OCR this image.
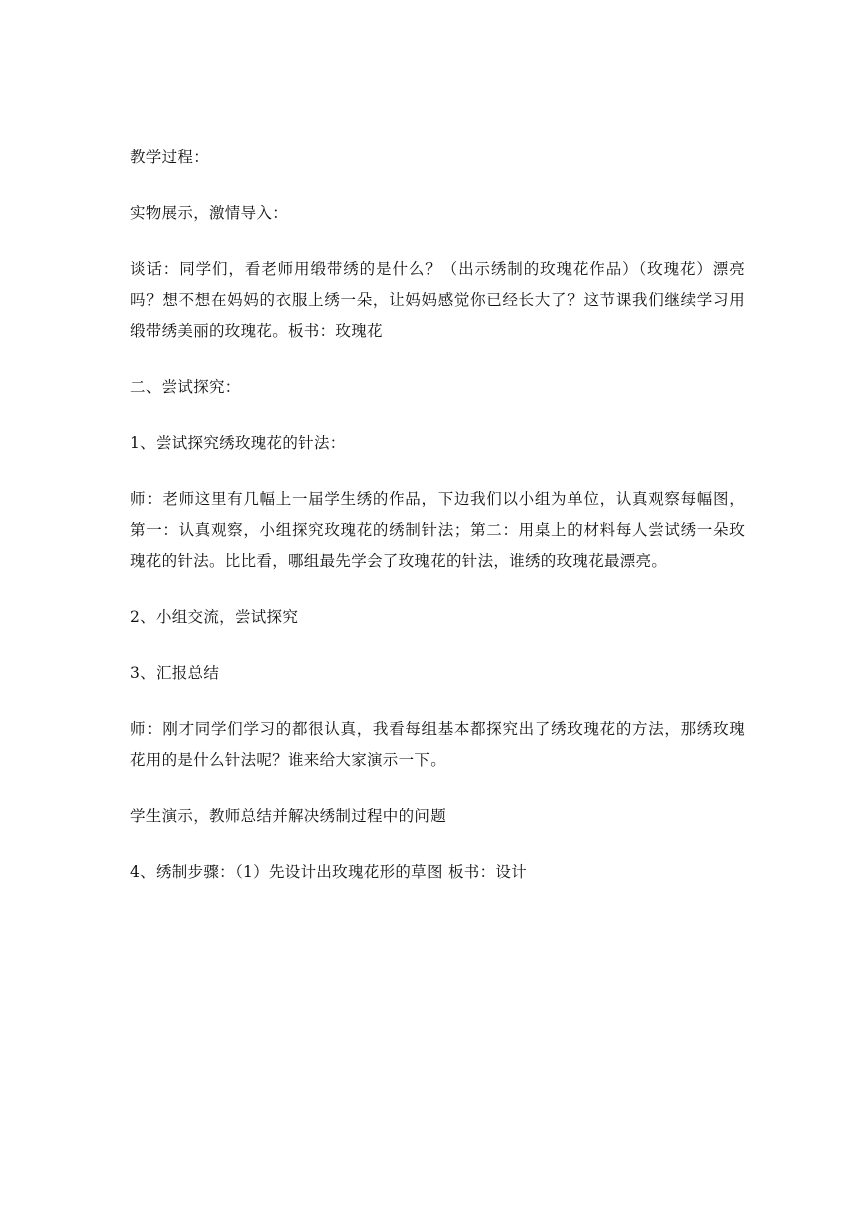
教学过程：

实物展示，激情导入：

谈话：同学们，看老师用缎带绣的是什么？（出示绣制的玫瑰花作品）（玫瑰花）漂亮吗？想不想在妈妈的衣服上绣一朵，让妈妈感觉你已经长大了？这节课我们继续学习用缎带绣美丽的玫瑰花。板书：玫瑰花

二、尝试探究：

1、尝试探究绣玫瑰花的针法：

师：老师这里有几幅上一届学生绣的作品，下边我们以小组为单位，认真观察每幅图，第一：认真观察，小组探究玫瑰花的绣制针法；第二：用桌上的材料每人尝试绣一朵玫瑰花的针法。比比看，哪组最先学会了玫瑰花的针法，谁绣的玫瑰花最漂亮。

2、小组交流，尝试探究

3、汇报总结

师：刚才同学们学习的都很认真，我看每组基本都探究出了绣玫瑰花的方法，那绣玫瑰花用的是什么针法呢？谁来给大家演示一下。

学生演示，教师总结并解决绣制过程中的问题

4、绣制步骤：（1）先设计出玫瑰花形的草图 板书：设计
